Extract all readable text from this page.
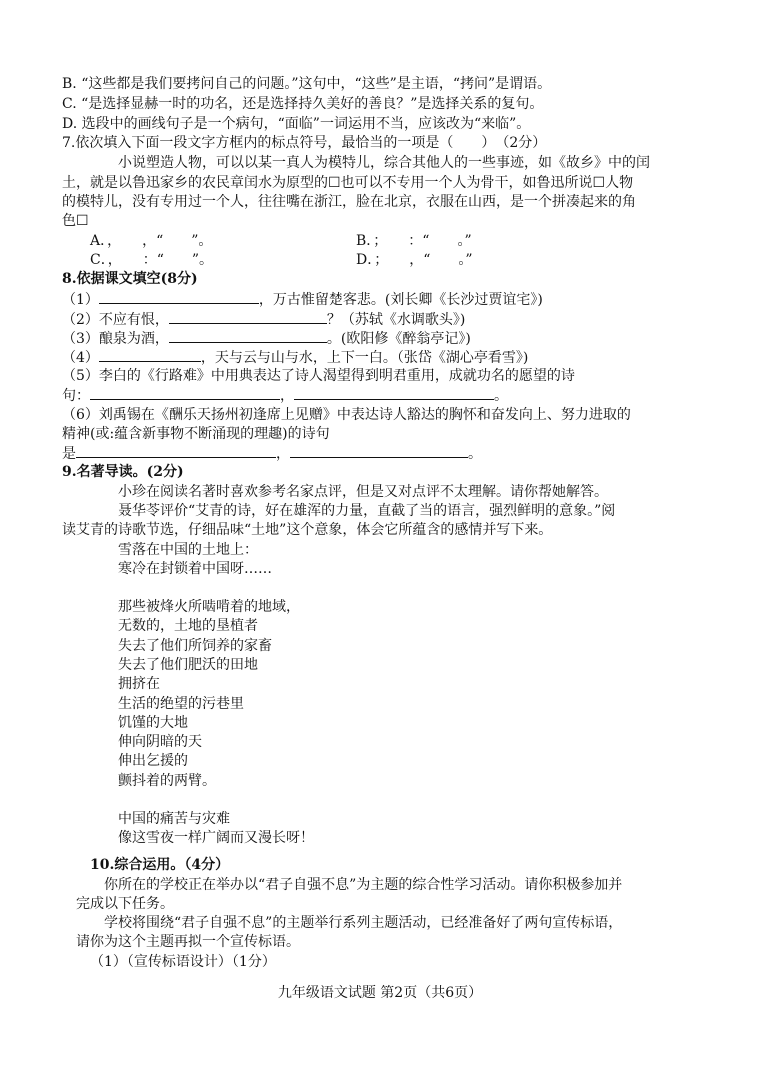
B. “这些都是我们要拷问自己的问题。”这句中，“这些”是主语，“拷问”是谓语。
C. “是选择显赫一时的功名，还是选择持久美好的善良？”是选择关系的复句。
D. 选段中的画线句子是一个病句，“面临”一词运用不当，应该改为“来临”。
7.依次填入下面一段文字方框内的标点符号，最恰当的一项是（　　）　（2分）
小说塑造人物，可以以某一真人为模特儿，综合其他人的一些事迹，如《故乡》中的闰
土，就是以鲁迅家乡的农民章闰水为原型的☐也可以不专用一个人为骨干，如鲁迅所说☐人物
的模特儿，没有专用过一个人，往往嘴在浙江，脸在北京，衣服在山西，是一个拼凑起来的角
色☐
A．，　　，“　　”。	B．；　　：“　　。”
C．，　　：“　　”。	D．；　　，“　　。”
8.依据课文填空(8分)
（1）	，万古惟留楚客悲。(刘长卿《长沙过贾谊宅》)
（2）不应有恨，	？（苏轼《水调歌头》)
（3）酿泉为酒，	。(欧阳修《醉翁亭记》)
（4）	，天与云与山与水，上下一白。（张岱《湖心亭看雪》)
（5）李白的《行路难》中用典表达了诗人渴望得到明君重用，成就功名的愿望的诗
句：	，	。
（6）刘禹锡在《酬乐天扬州初逢席上见赠》中表达诗人豁达的胸怀和奋发向上、努力进取的
精神(或:蕴含新事物不断涌现的理趣)的诗句
是	，	。
9.名著导读。(2分)
小珍在阅读名著时喜欢参考名家点评，但是又对点评不太理解。请你帮她解答。
聂华苓评价“艾青的诗，好在雄浑的力量，直截了当的语言，强烈鲜明的意象。”阅
读艾青的诗歌节选，仔细品味“土地”这个意象，体会它所蕴含的感情并写下来。
雪落在中国的土地上：
寒冷在封锁着中国呀……
那些被烽火所啮啃着的地域，
无数的，土地的垦植者
失去了他们所饲养的家畜
失去了他们肥沃的田地
拥挤在
生活的绝望的污巷里
饥馑的大地
伸向阴暗的天
伸出乞援的
颤抖着的两臂。
中国的痛苦与灾难
像这雪夜一样广阔而又漫长呀！
10.综合运用。（4分）
你所在的学校正在举办以“君子自强不息”为主题的综合性学习活动。请你积极参加并
完成以下任务。
学校将围绕“君子自强不息”的主题举行系列主题活动，已经准备好了两句宣传标语，
请你为这个主题再拟一个宣传标语。
（1）（宣传标语设计）（1分）
九年级语文试题 第2页（共6页）
